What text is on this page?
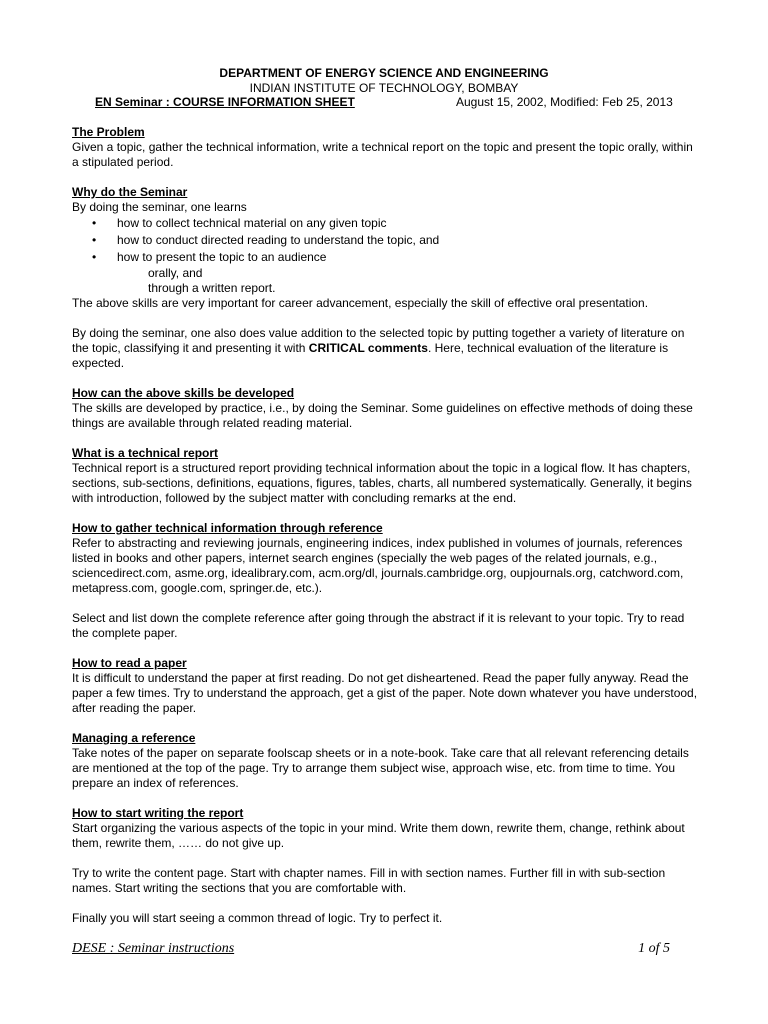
DEPARTMENT OF ENERGY SCIENCE AND ENGINEERING
INDIAN INSTITUTE OF TECHNOLOGY, BOMBAY
EN Seminar : COURSE INFORMATION SHEET	August 15, 2002, Modified: Feb 25, 2013

The Problem

Given a topic, gather the technical information, write a technical report on the topic and present the topic orally, within a stipulated period.

Why do the Seminar

By doing the seminar, one learns

• how to collect technical material on any given topic
• how to conduct directed reading to understand the topic, and
• how to present the topic to an audience

orally, and

through a written report.

The above skills are very important for career advancement, especially the skill of effective oral presentation.

By doing the seminar, one also does value addition to the selected topic by putting together a variety of literature on the topic, classifying it and presenting it with CRITICAL comments. Here, technical evaluation of the literature is expected.

How can the above skills be developed

The skills are developed by practice, i.e., by doing the Seminar. Some guidelines on effective methods of doing these things are available through related reading material.

What is a technical report

Technical report is a structured report providing technical information about the topic in a logical flow. It has chapters, sections, sub-sections, definitions, equations, figures, tables, charts, all numbered systematically. Generally, it begins with introduction, followed by the subject matter with concluding remarks at the end.

How to gather technical information through reference

Refer to abstracting and reviewing journals, engineering indices, index published in volumes of journals, references listed in books and other papers, internet search engines (specially the web pages of the related journals, e.g., sciencedirect.com, asme.org, idealibrary.com, acm.org/dl, journals.cambridge.org, oupjournals.org, catchword.com, metapress.com, google.com, springer.de, etc.).

Select and list down the complete reference after going through the abstract if it is relevant to your topic. Try to read the complete paper.

How to read a paper

It is difficult to understand the paper at first reading. Do not get disheartened. Read the paper fully anyway. Read the paper a few times. Try to understand the approach, get a gist of the paper. Note down whatever you have understood, after reading the paper.

Managing a reference

Take notes of the paper on separate foolscap sheets or in a note-book. Take care that all relevant referencing details are mentioned at the top of the page. Try to arrange them subject wise, approach wise, etc. from time to time. You prepare an index of references.

How to start writing the report

Start organizing the various aspects of the topic in your mind. Write them down, rewrite them, change, rethink about them, rewrite them, …… do not give up.

Try to write the content page. Start with chapter names. Fill in with section names. Further fill in with sub-section names. Start writing the sections that you are comfortable with.

Finally you will start seeing a common thread of logic. Try to perfect it.

DESE : Seminar instructions	1 of 5
